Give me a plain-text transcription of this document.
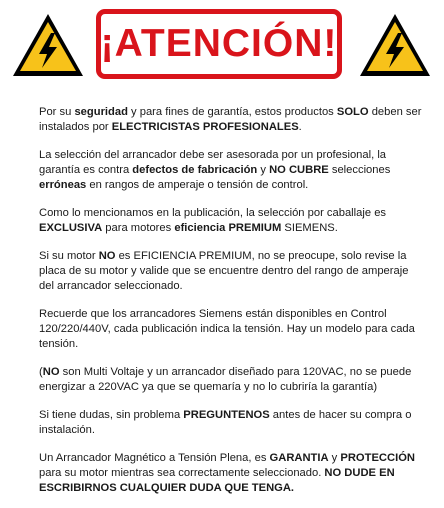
¡ATENCIÓN!

Por su seguridad y para fines de garantía, estos productos SOLO deben ser instalados por ELECTRICISTAS PROFESIONALES.

La selección del arrancador debe ser asesorada por un profesional, la garantía es contra defectos de fabricación y NO CUBRE selecciones erróneas en rangos de amperaje o tensión de control.

Como lo mencionamos en la publicación, la selección por caballaje es EXCLUSIVA para motores eficiencia PREMIUM SIEMENS.

Si su motor NO es EFICIENCIA PREMIUM, no se preocupe, solo revise la placa de su motor y valide que se encuentre dentro del rango de amperaje del arrancador seleccionado.

Recuerde que los arrancadores Siemens están disponibles en Control 120/220/440V, cada publicación indica la tensión. Hay un modelo para cada tensión.

(NO son Multi Voltaje y un arrancador diseñado para 120VAC, no se puede energizar a 220VAC ya que se quemaría y no lo cubriría la garantía)

Si tiene dudas, sin problema PREGUNTENOS antes de hacer su compra o instalación.

Un Arrancador Magnético a Tensión Plena, es GARANTIA y PROTECCIÓN para su motor mientras sea correctamente seleccionado. NO DUDE EN ESCRIBIRNOS CUALQUIER DUDA QUE TENGA.
